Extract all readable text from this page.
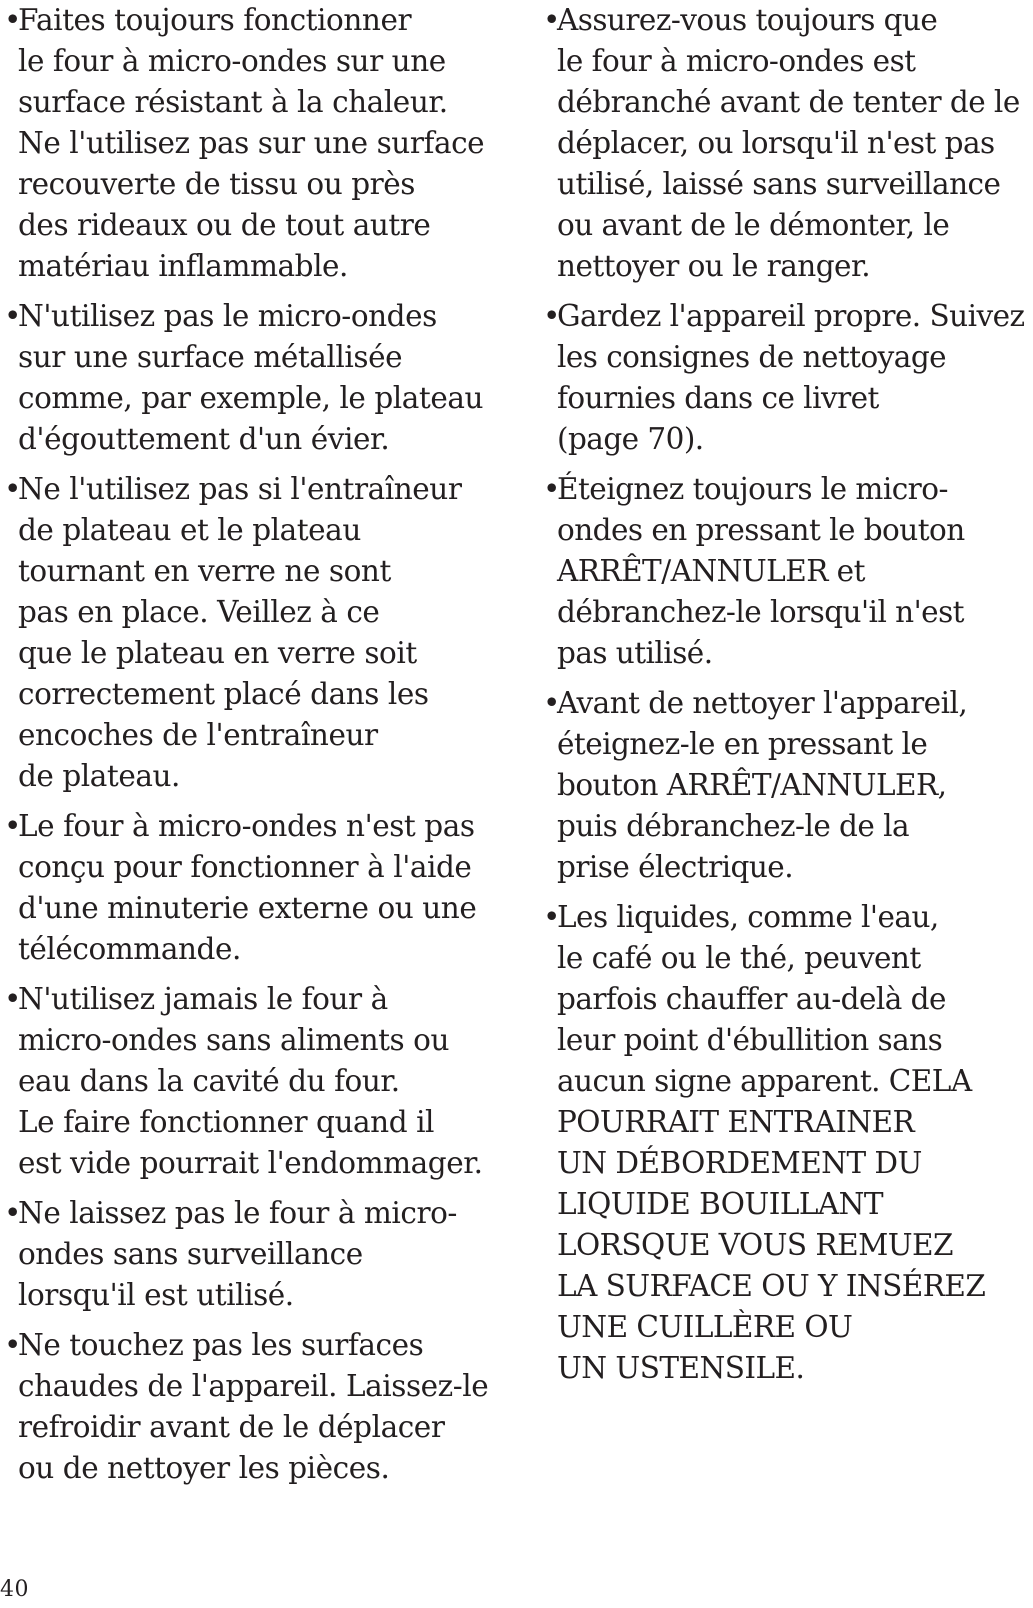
•
Faites toujours fonctionner
le four à micro-ondes sur une
surface résistant à la chaleur.
Ne l'utilisez pas sur une surface
recouverte de tissu ou près
des rideaux ou de tout autre
matériau inflammable.
•
N'utilisez pas le micro-ondes
sur une surface métallisée
comme, par exemple, le plateau
d'égouttement d'un évier.
•
Ne l'utilisez pas si l'entraîneur
de plateau et le plateau
tournant en verre ne sont
pas en place. Veillez à ce
que le plateau en verre soit
correctement placé dans les
encoches de l'entraîneur
de plateau.
•
Le four à micro-ondes n'est pas
conçu pour fonctionner à l'aide
d'une minuterie externe ou une
télécommande.
•
N'utilisez jamais le four à
micro-ondes sans aliments ou
eau dans la cavité du four.
Le faire fonctionner quand il
est vide pourrait l'endommager.
•
Ne laissez pas le four à micro-
ondes sans surveillance
lorsqu'il est utilisé.
•
Ne touchez pas les surfaces
chaudes de l'appareil. Laissez-le
refroidir avant de le déplacer
ou de nettoyer les pièces.
•
Assurez-vous toujours que
le four à micro-ondes est
débranché avant de tenter de le
déplacer, ou lorsqu'il n'est pas
utilisé, laissé sans surveillance
ou avant de le démonter, le
nettoyer ou le ranger.
•
Gardez l'appareil propre. Suivez
les consignes de nettoyage
fournies dans ce livret
(page 70).
•
Éteignez toujours le micro-
ondes en pressant le bouton
ARRÊT/ANNULER et
débranchez-le lorsqu'il n'est
pas utilisé.
•
Avant de nettoyer l'appareil,
éteignez-le en pressant le
bouton ARRÊT/ANNULER,
puis débranchez-le de la
prise électrique.
•
Les liquides, comme l'eau,
le café ou le thé, peuvent
parfois chauffer au-delà de
leur point d'ébullition sans
aucun signe apparent. CELA
POURRAIT ENTRAINER
UN DÉBORDEMENT DU
LIQUIDE BOUILLANT
LORSQUE VOUS REMUEZ
LA SURFACE OU Y INSÉREZ
UNE CUILLÈRE OU
UN USTENSILE.
40
